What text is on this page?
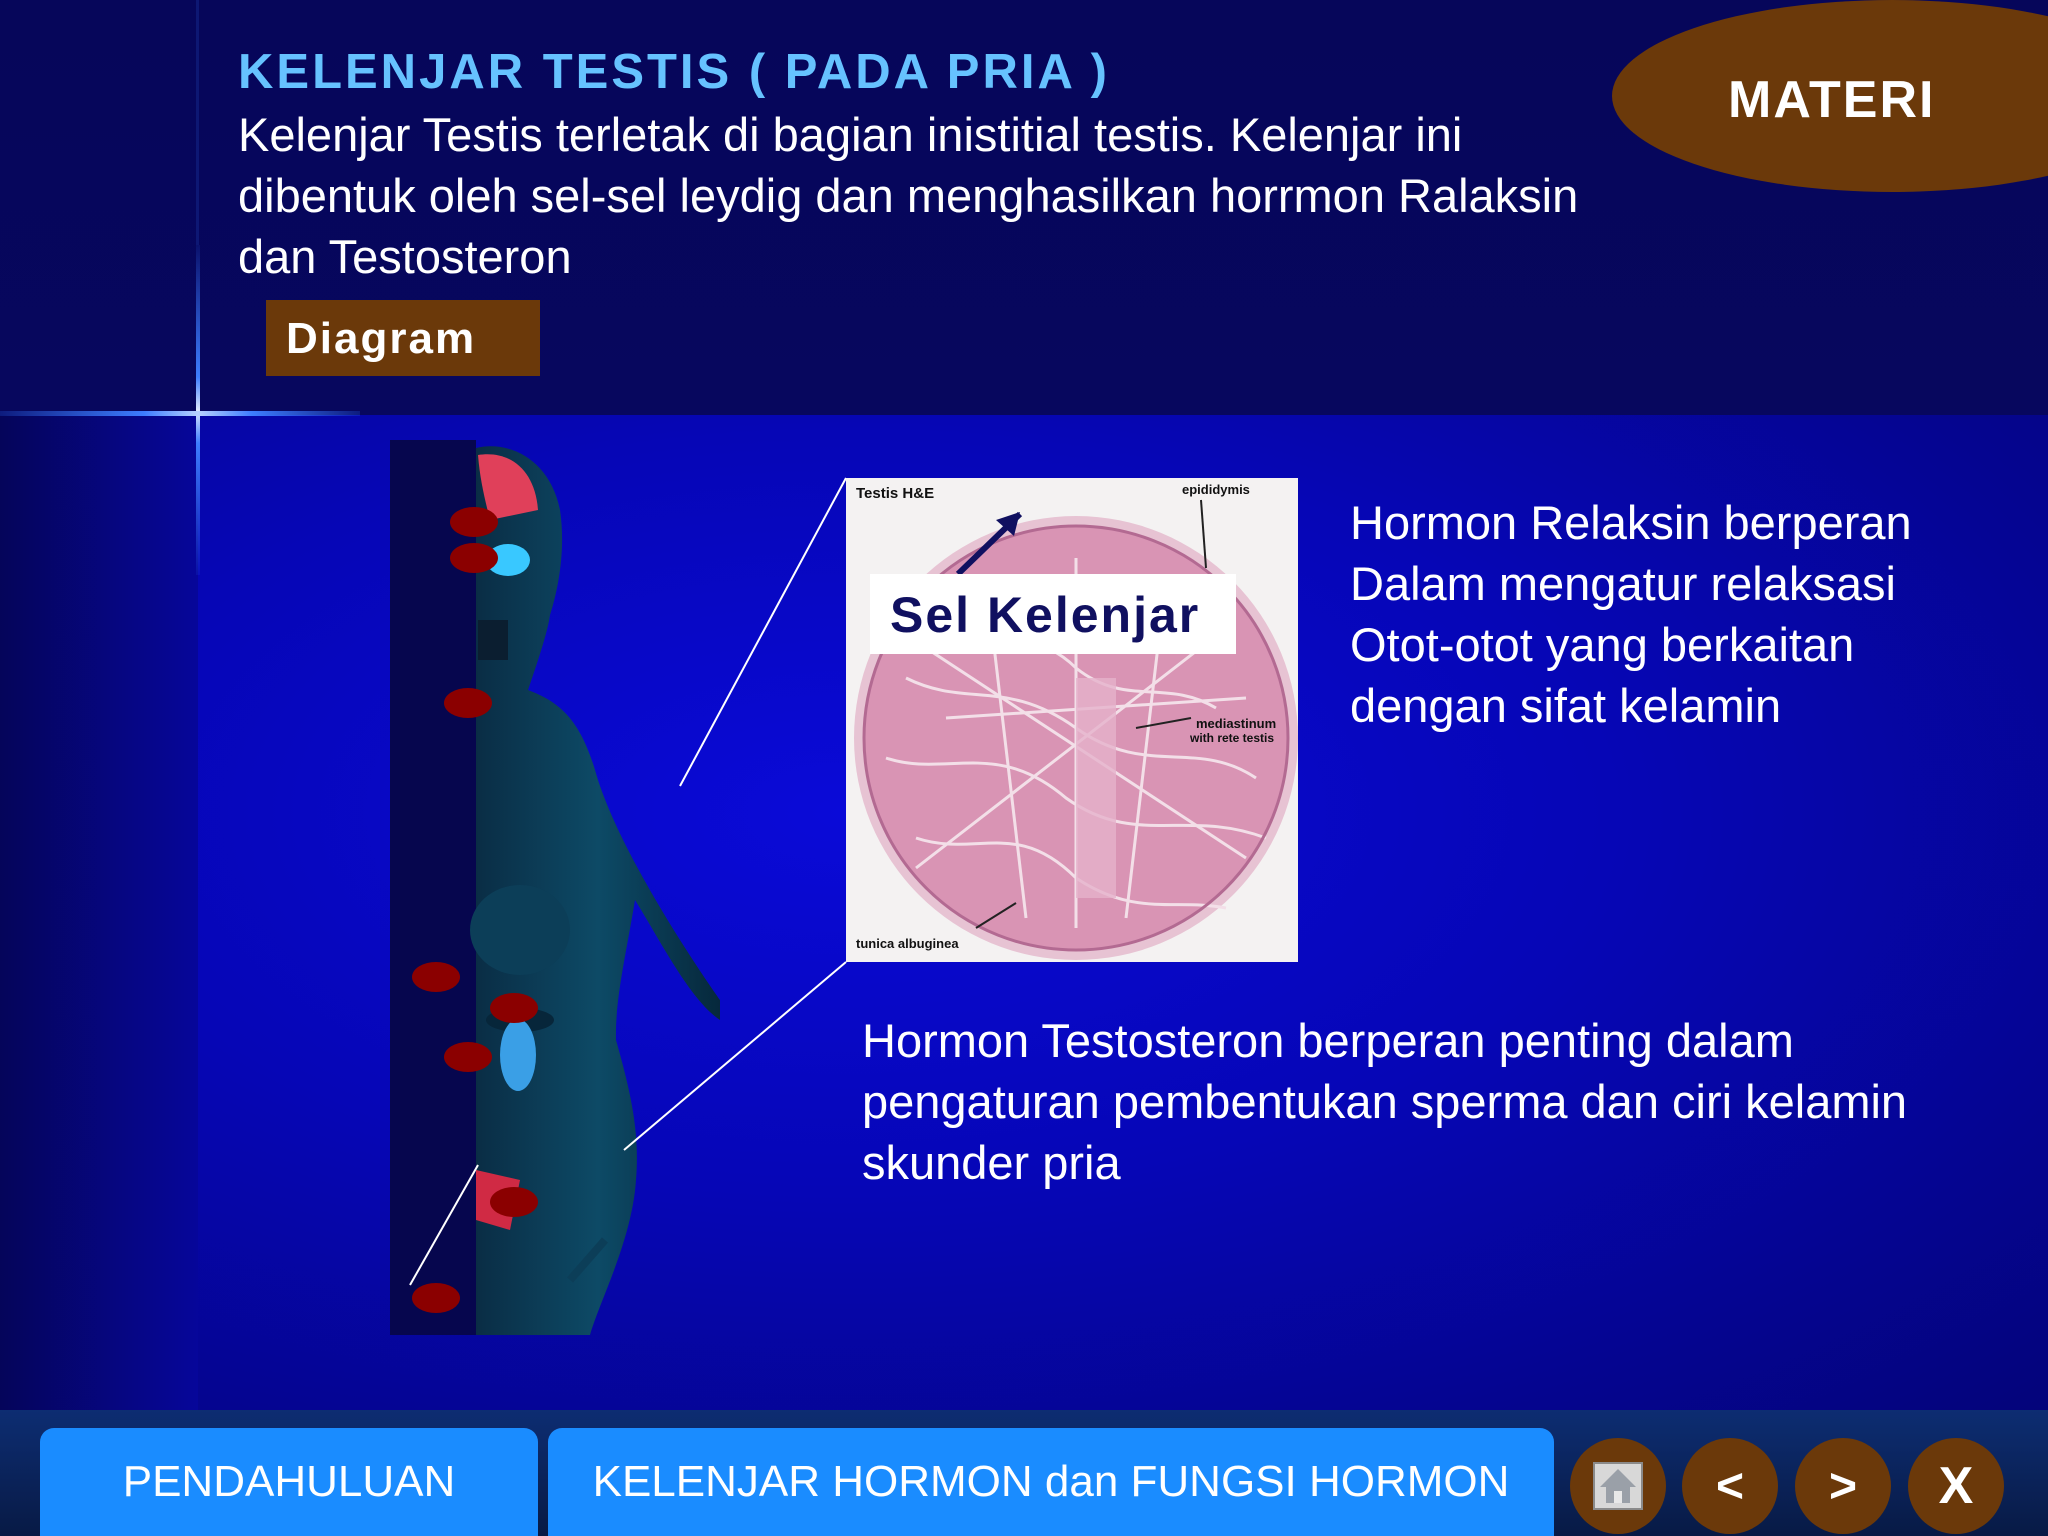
KELENJAR TESTIS ( PADA PRIA )
Kelenjar Testis terletak di bagian inistitial testis. Kelenjar ini dibentuk oleh sel-sel leydig dan menghasilkan horrmon Ralaksin dan Testosteron
MATERI
Diagram
Testis H&E	epididymis
mediastinum
with rete testis
tunica albuginea
Sel Kelenjar
Hormon Relaksin berperan Dalam mengatur relaksasi Otot-otot yang berkaitan dengan sifat kelamin
Hormon Testosteron berperan penting dalam pengaturan pembentukan sperma dan ciri kelamin skunder pria
PENDAHULUAN	KELENJAR HORMON dan FUNGSI HORMON	<	>	X
